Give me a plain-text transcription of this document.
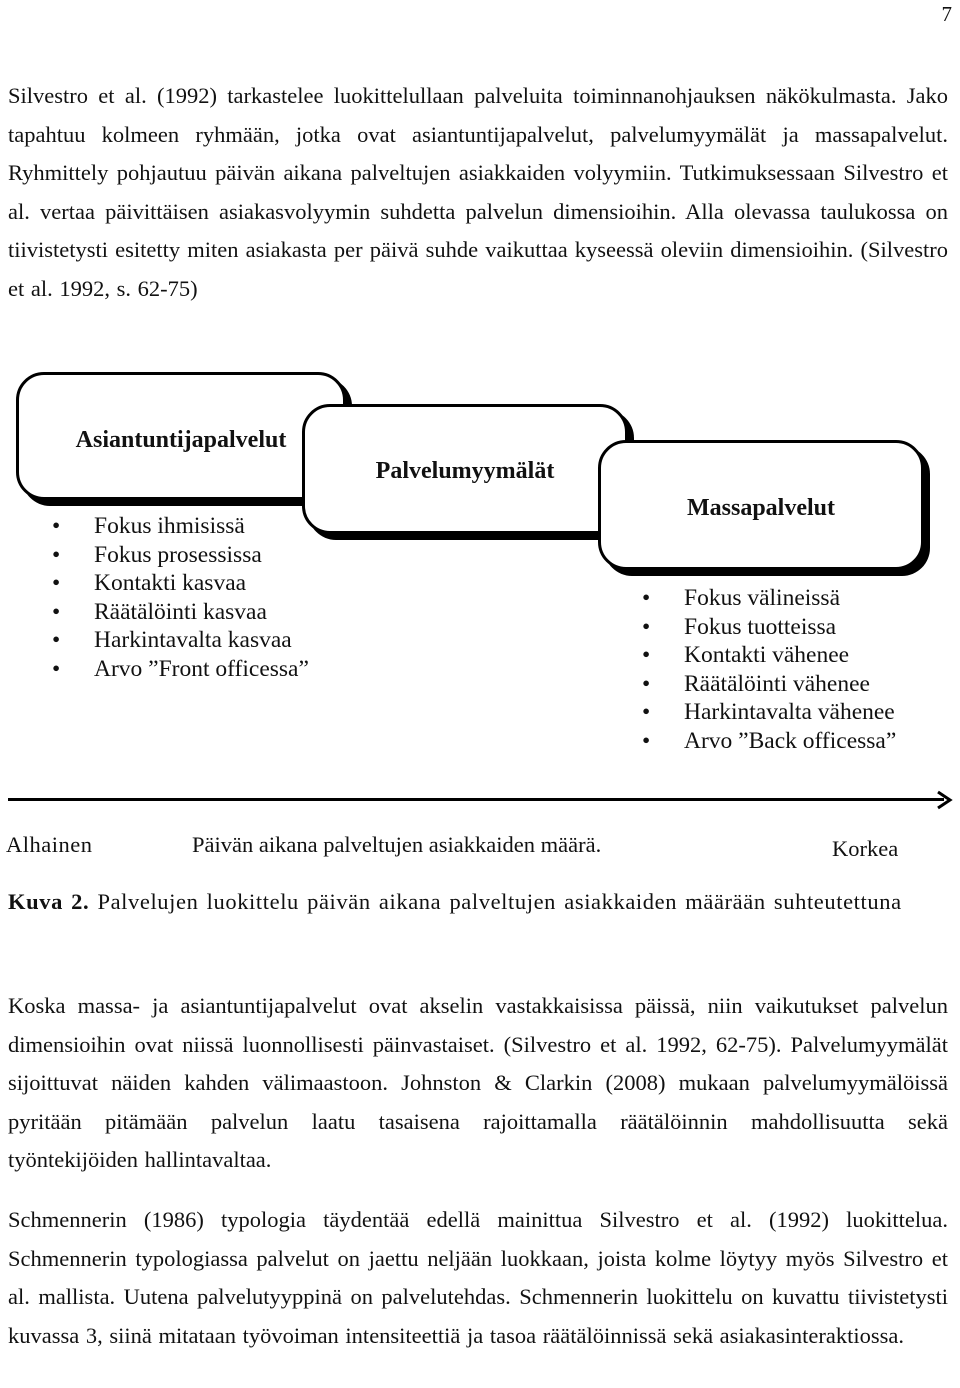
7

Silvestro et al. (1992) tarkastelee luokittelullaan palveluita toiminnanohjauksen näkökulmasta. Jako tapahtuu kolmeen ryhmään, jotka ovat asiantuntijapalvelut, palvelumyymälät ja massapalvelut. Ryhmittely pohjautuu päivän aikana palveltujen asiakkaiden volyymiin. Tutkimuksessaan Silvestro et al. vertaa päivittäisen asiakasvolyymin suhdetta palvelun dimensioihin. Alla olevassa taulukossa on tiivistetysti esitetty miten asiakasta per päivä suhde vaikuttaa kyseessä oleviin dimensioihin. (Silvestro et al. 1992, s. 62-75)

Asiantuntijapalvelut
Palvelumyymälät
Massapalvelut
• Fokus ihmisissä
• Fokus prosessissa
• Kontakti kasvaa
• Räätälöinti kasvaa
• Harkintavalta kasvaa
• Arvo ”Front officessa”
• Fokus välineissä
• Fokus tuotteissa
• Kontakti vähenee
• Räätälöinti vähenee
• Harkintavalta vähenee
• Arvo ”Back officessa”
Alhainen	Päivän aikana palveltujen asiakkaiden määrä.	Korkea
Kuva 2. Palvelujen luokittelu päivän aikana palveltujen asiakkaiden määrään suhteutettuna

Koska massa- ja asiantuntijapalvelut ovat akselin vastakkaisissa päissä, niin vaikutukset palvelun dimensioihin ovat niissä luonnollisesti päinvastaiset. (Silvestro et al. 1992, 62-75). Palvelumyymälät sijoittuvat näiden kahden välimaastoon. Johnston & Clarkin (2008) mukaan palvelumyymälöissä pyritään pitämään palvelun laatu tasaisena rajoittamalla räätälöinnin mahdollisuutta sekä työntekijöiden hallintavaltaa.

Schmennerin (1986) typologia täydentää edellä mainittua Silvestro et al. (1992) luokittelua. Schmennerin typologiassa palvelut on jaettu neljään luokkaan, joista kolme löytyy myös Silvestro et al. mallista. Uutena palvelutyyppinä on palvelutehdas. Schmennerin luokittelu on kuvattu tiivistetysti kuvassa 3, siinä mitataan työvoiman intensiteettiä ja tasoa räätälöinnissä sekä asiakasinteraktiossa.
